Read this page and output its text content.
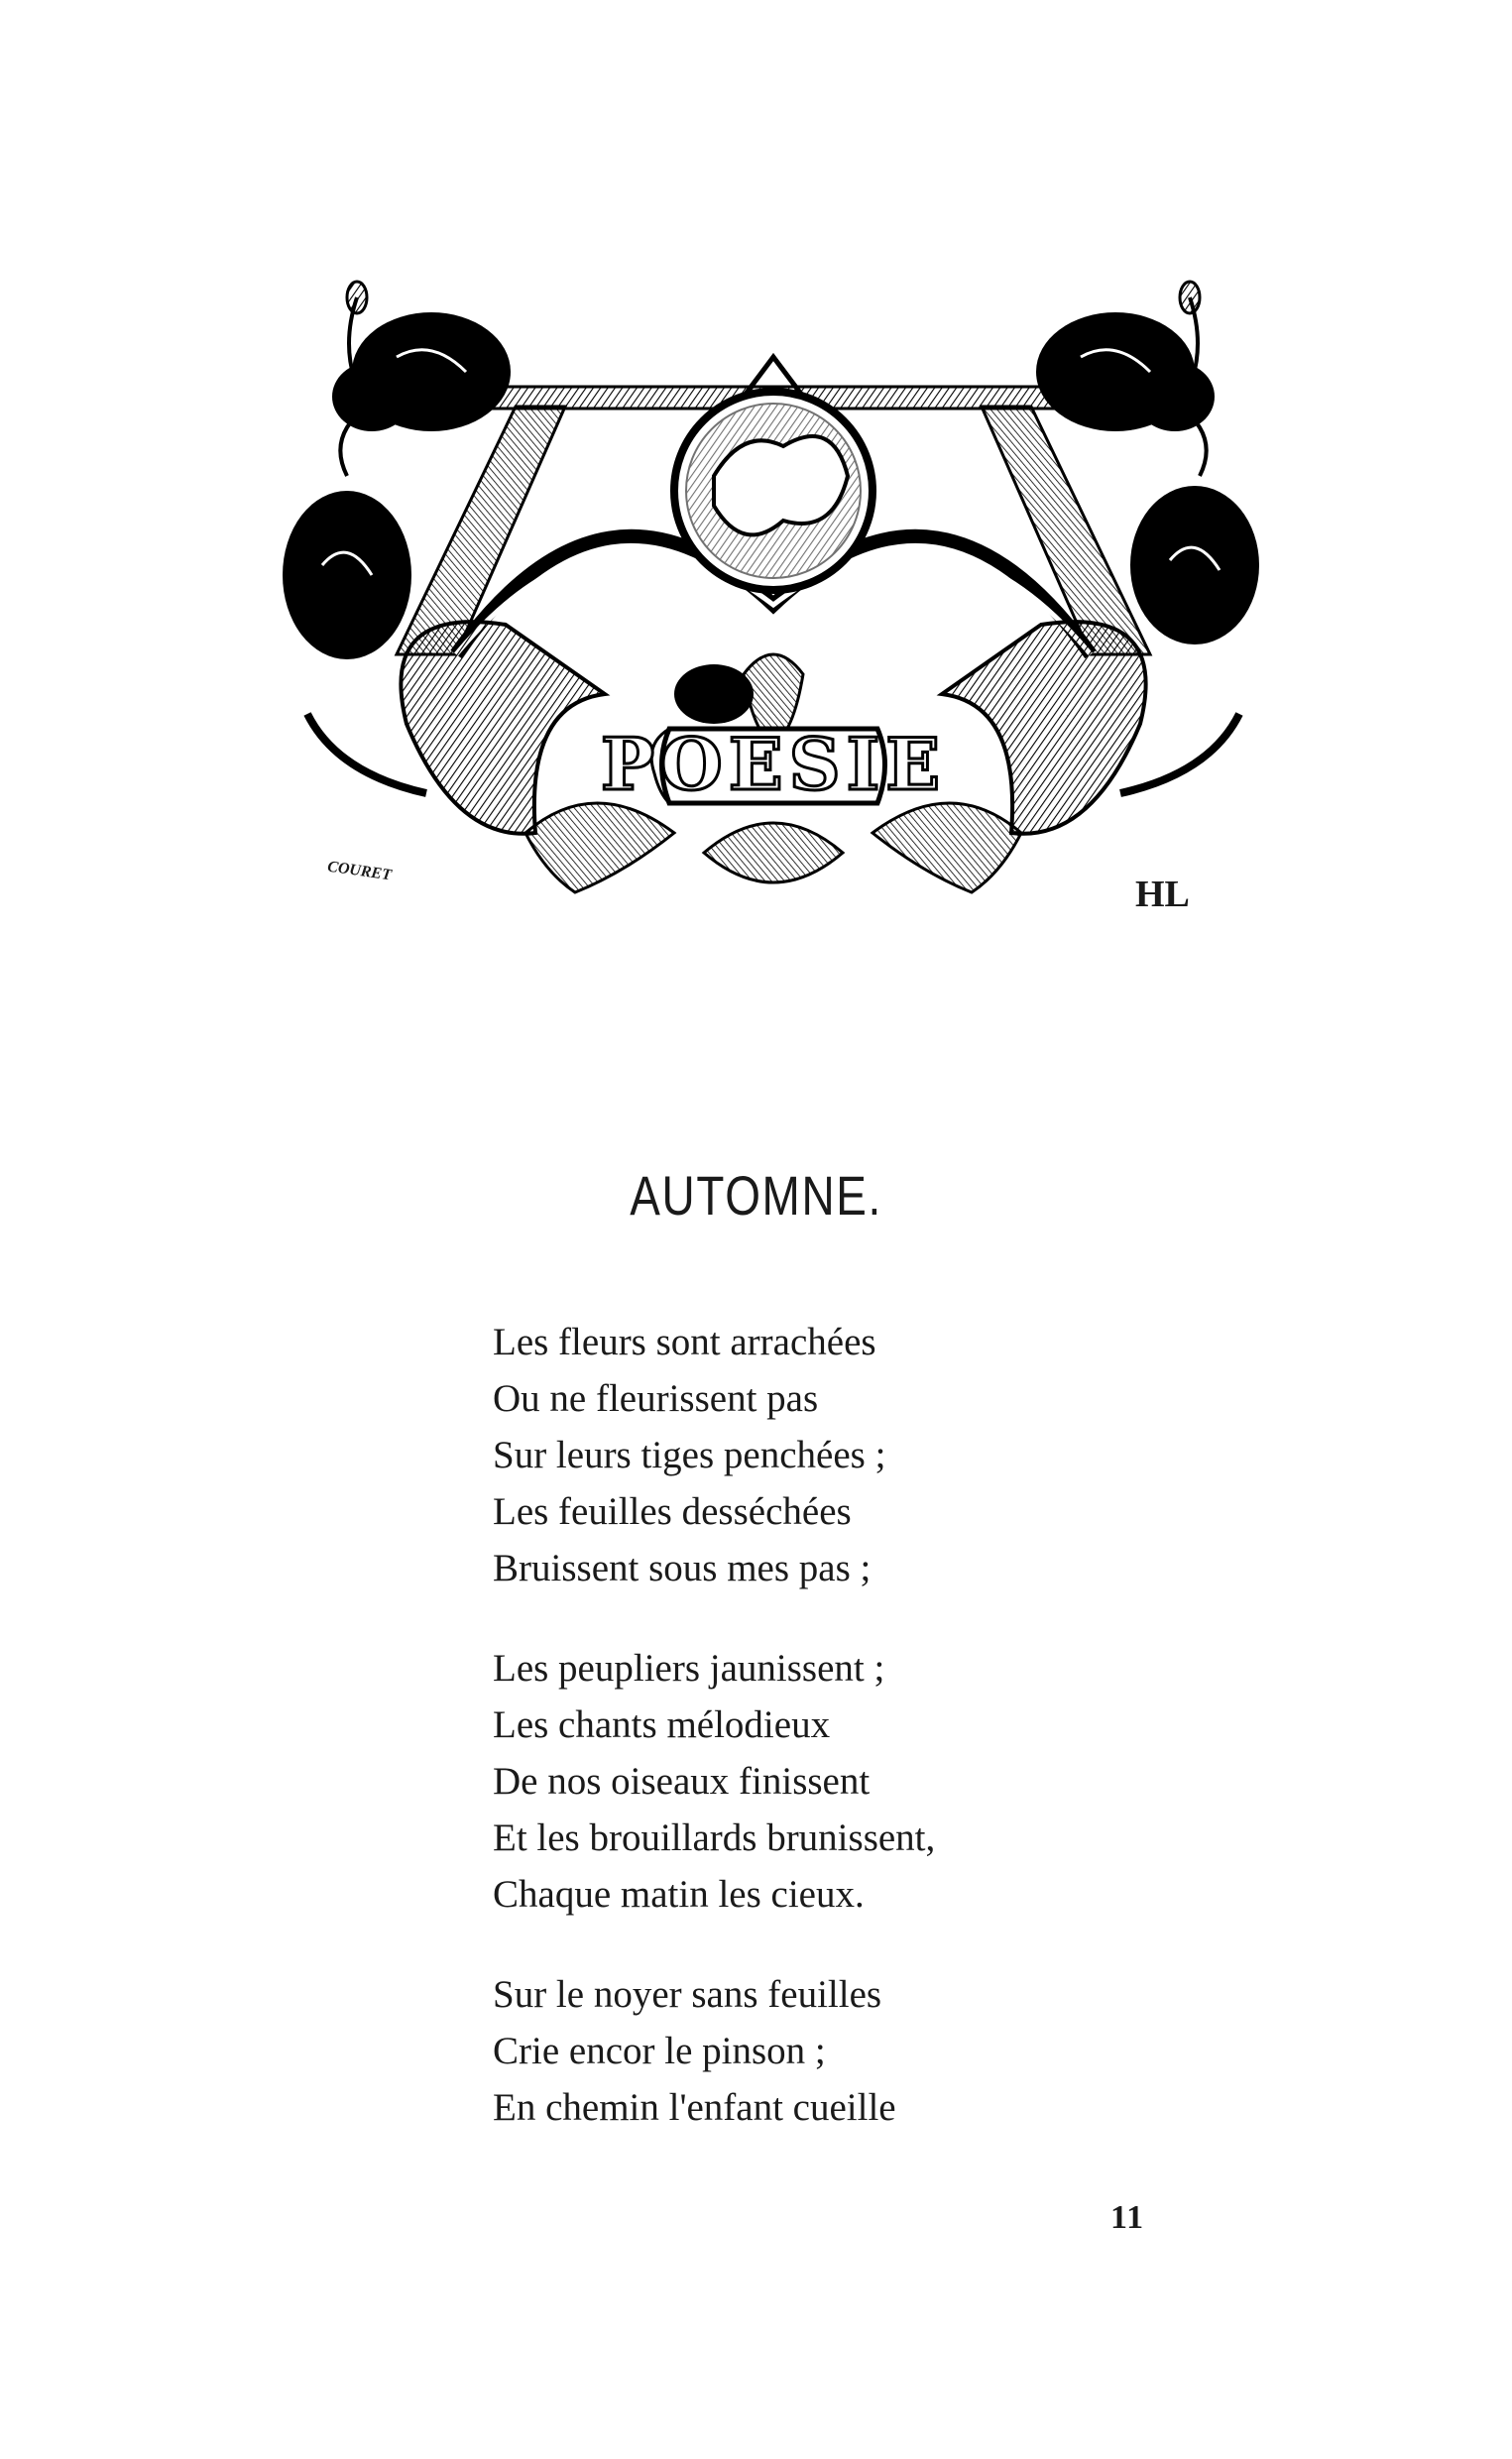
POESIE
COURET
HL
AUTOMNE.
Les fleurs sont arrachées
Ou ne fleurissent pas
Sur leurs tiges penchées ;
Les feuilles desséchées
Bruissent sous mes pas ;
Les peupliers jaunissent ;
Les chants mélodieux
De nos oiseaux finissent
Et les brouillards brunissent,
Chaque matin les cieux.
Sur le noyer sans feuilles
Crie encor le pinson ;
En chemin l'enfant cueille
11
